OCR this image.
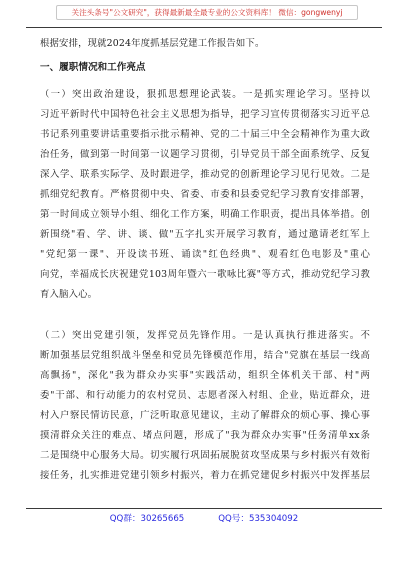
关注头条号"公文研究"，获得最新最全最专业的公文资料库！ 微信：gongwenyj
根据安排，现就2024年度抓基层党建工作报告如下。
一、履职情况和工作亮点
（一）突出政治建设，狠抓思想理论武装。一是抓实理论学习。坚持以
习近平新时代中国特色社会主义思想为指导，把学习宣传贯彻落实习近平总
书记系列重要讲话重要指示批示精神、党的二十届三中全会精神作为重大政
治任务，做到第一时间第一议题学习贯彻，引导党员干部全面系统学、反复
深入学、联系实际学、及时跟进学，推动党的创新理论学习见行见效。二是
抓细党纪教育。严格贯彻中央、省委、市委和县委党纪学习教育安排部署，
第一时间成立领导小组、细化工作方案，明确工作职责，提出具体举措。创
新围绕"看、学、讲、谈、做"五字扎实开展学习教育，通过邀请老红军上
"党纪第一课"、开设读书班、诵读"红色经典"、观看红色电影及"重心
向党，幸福成长庆祝建党103周年暨六一歌咏比赛"等方式，推动党纪学习教
育入脑入心。
（二）突出党建引领，发挥党员先锋作用。一是认真执行推进落实。不
断加强基层党组织战斗堡垒和党员先锋模范作用，结合"党旗在基层一线高
高飘扬"，深化"我为群众办实事"实践活动，组织全体机关干部、村"两
委"干部、和行动能力的农村党员、志愿者深入村组、企业，贴近群众，进
村入户察民情访民意，广泛听取意见建议，主动了解群众的烦心事、操心事
摸清群众关注的难点、堵点问题，形成了"我为群众办实事"任务清单xx条
二是围绕中心服务大局。切实履行巩固拓展脱贫攻坚成果与乡村振兴有效衔
接任务，扎实推进党建引领乡村振兴，着力在抓党建促乡村振兴中发挥基层
QQ群：30265665	QQ号：535304092
